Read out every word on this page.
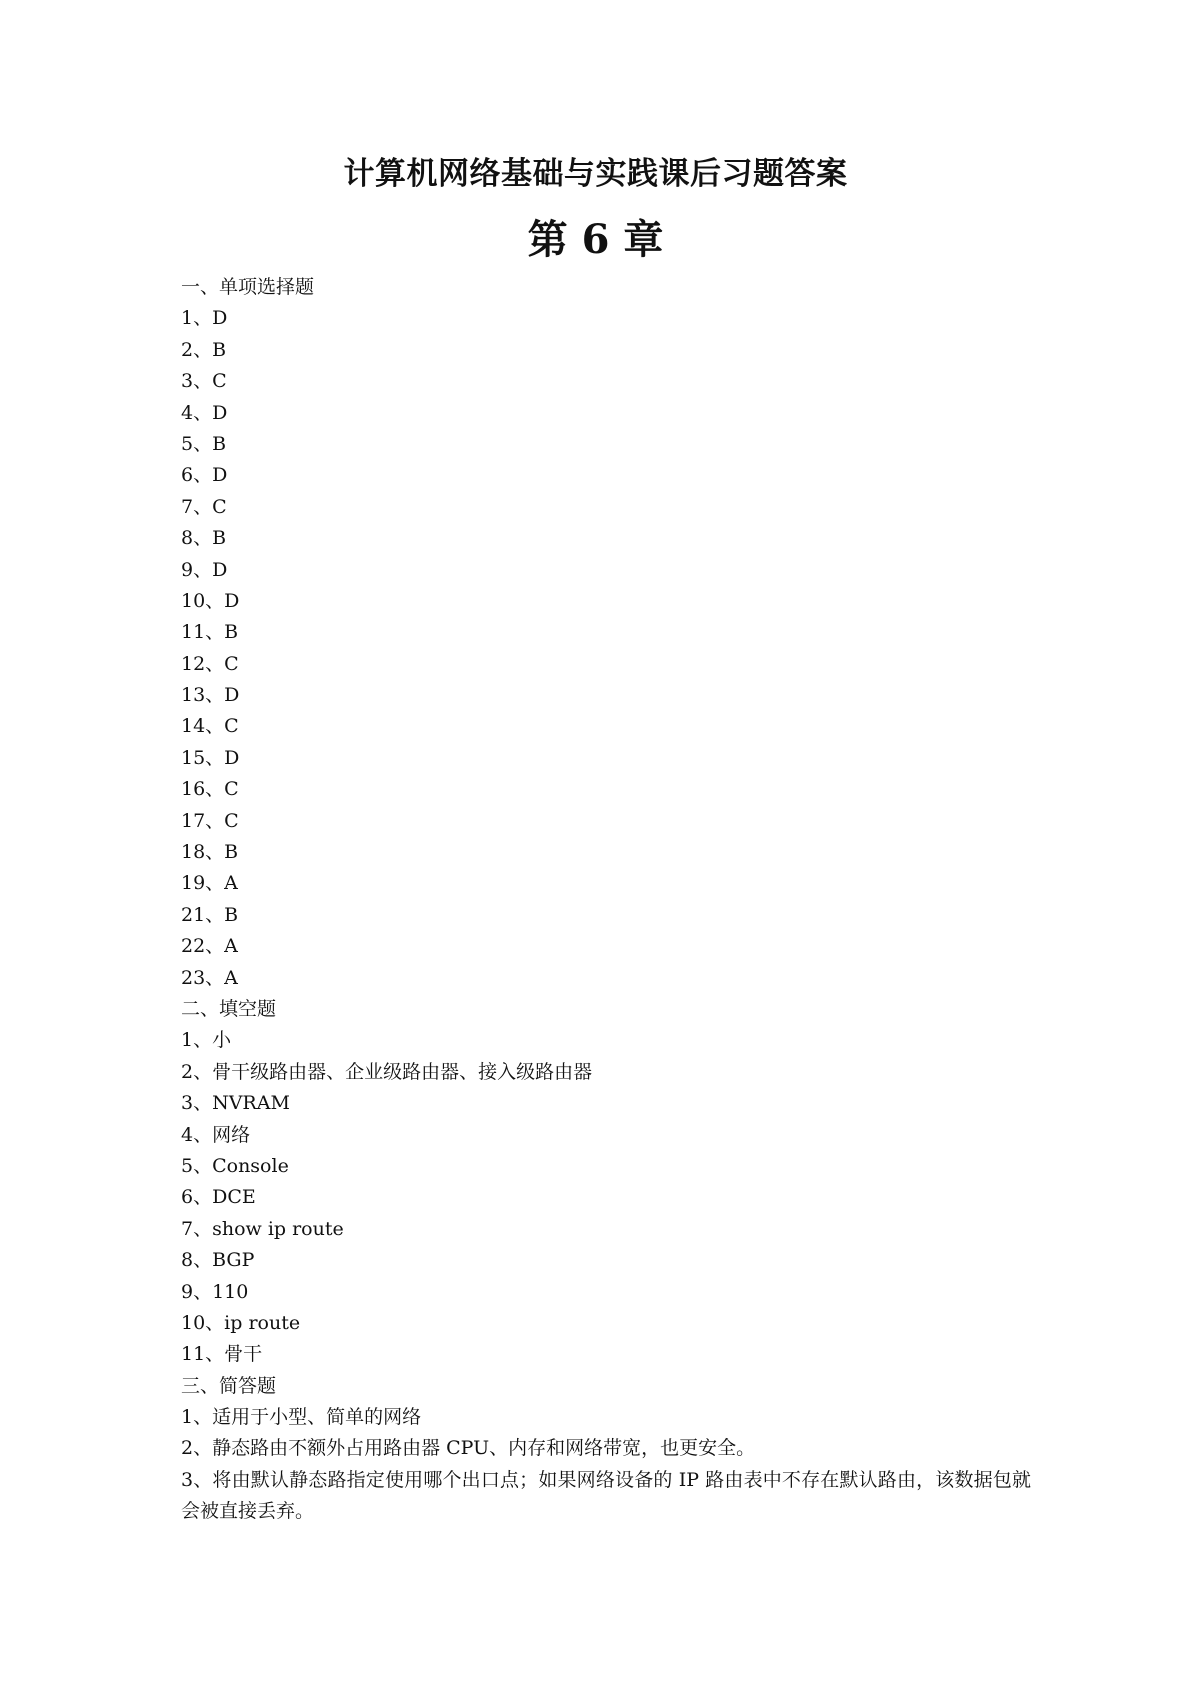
计算机网络基础与实践课后习题答案
第 6 章
一、单项选择题
1、D
2、B
3、C
4、D
5、B
6、D
7、C
8、B
9、D
10、D
11、B
12、C
13、D
14、C
15、D
16、C
17、C
18、B
19、A
21、B
22、A
23、A
二、填空题
1、小
2、骨干级路由器、企业级路由器、接入级路由器
3、NVRAM
4、网络
5、Console
6、DCE
7、show ip route
8、BGP
9、110
10、ip route
11、骨干
三、简答题
1、适用于小型、简单的网络
2、静态路由不额外占用路由器 CPU、内存和网络带宽，也更安全。
3、将由默认静态路指定使用哪个出口点；如果网络设备的 IP 路由表中不存在默认路由，该数据包就会被直接丢弃。
